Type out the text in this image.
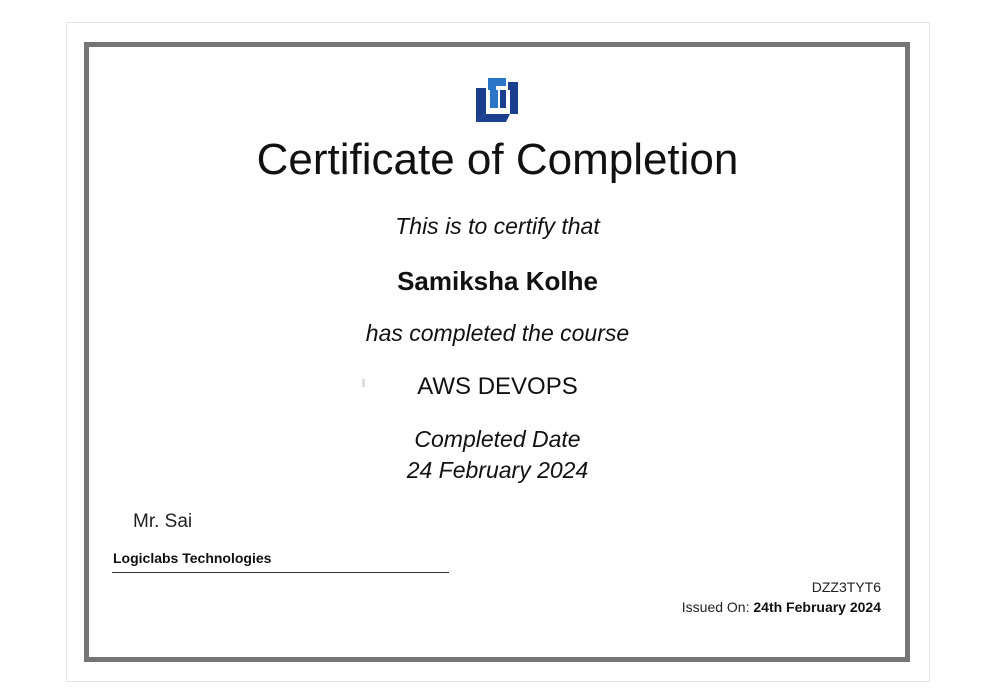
Certificate of Completion
This is to certify that
Samiksha Kolhe
has completed the course
AWS DEVOPS
Completed Date
24 February 2024
Mr. Sai
Logiclabs Technologies
DZZ3TYT6
Issued On: 24th February 2024
